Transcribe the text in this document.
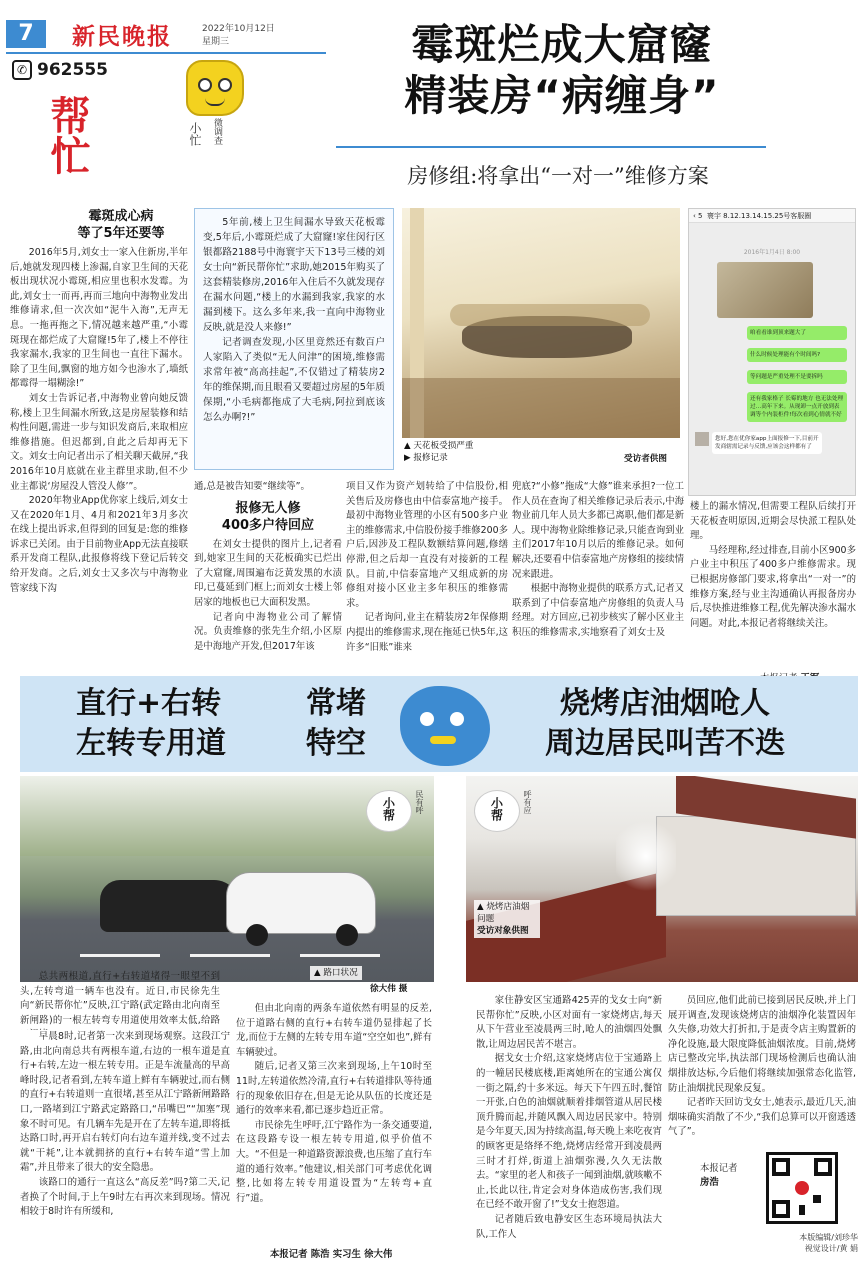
7	新民晚报	2022年10月12日
星期三
✆ 962555
帮忙	小忙	微调查
霉斑烂成大窟窿
精装房“病缠身”
房修组:将拿出“一对一”维修方案
霉斑成心病
等了5年还要等

2016年5月,刘女士一家入住新房,半年后,她就发现四楼上渗漏,自家卫生间的天花板出现状况小霉斑,相应里也积水发霉。为此,刘女士一而再,再而三地向中海物业发出维修请求,但一次次如“泥牛入海”,无声无息。一拖再拖之下,情况越来越严重,“小霉斑现在都烂成了大窟窿!5年了,楼上不停往我家漏水,我家的卫生间也一直往下漏水。除了卫生间,飘窗的地方如今也渗水了,墙纸都霉得一塌糊涂!”

刘女士告诉记者,中海物业曾向她反馈称,楼上卫生间漏水所致,这是房屋装修和结构性问题,需进一步与知识发商后,来取相应维修措施。但迟都到,自此之后却再无下文。刘女士向记者出示了相关聊天截屏,“我2016年10月底就在业主群里求助,但不少业主都说‘房屋没人管没人修’”。

2020年物业App优你家上线后,刘女士又在2020年1月、4月和2021年3月多次在线上提出诉求,但得到的回复是:您的维修诉求已关闭。由于目前物业App无法直接联系开发商工程队,此报修将线下登记后转交给开发商。之后,刘女士又多次与中海物业管家线下沟

5年前,楼上卫生间漏水导致天花板霉变,5年后,小霉斑烂成了大窟窿!家住闵行区银都路2188号中海寰宇天下13号三楼的刘女士向“新民帮你忙”求助,她2015年购买了这套精装修房,2016年入住后不久就发现存在漏水问题,“楼上的水漏到我家,我家的水漏到楼下。这么多年来,我一直向中海物业反映,就是没人来修!”

记者调查发现,小区里竟然还有数百户人家陷入了类似“无人问津”的困境,维修需求常年被“高高挂起”,不仅错过了精装房2年的维保期,而且眼看又要超过房屋的5年质保期,“小毛病都拖成了大毛病,阿拉到底该怎么办啊?!”

▲ 天花板受损严重
▶ 报修记录	受访者供图
‹ 5 寰宇 8.12.13.14.15.25号客服圈
2016年1月4日 8:00
咱看看谁到顶来题大了
什么时候处理能有个时间吗?
等问题是严重处理不是要拆吗
还有我家格子 长霉的地方 也无法处理过…高年下来。从现卸一点开放到表调等个内装柜件!每次看到心情就不好
您好,您在优你家app上面报修一下,目前开发商辖需记录与反馈,应该会这样都有了
通,总是被告知要“继续等”。
报修无人修
400多户待回应

在刘女士提供的图片上,记者看到,她家卫生间的天花板确实已烂出了大窟窿,周围遍布泛黄发黑的水渍印,已蔓延到门框上;而刘女士楼上邻居家的地板也已大面积发黑。

记者向中海物业公司了解情况。负责维修的张先生介绍,小区原是中海地产开发,但2017年该

项目又作为资产划转给了中信股份,相关售后及房修也由中信泰富地产接手。最初中海物业管理的小区有500多户业主的维修需求,中信股份接手维修200多户后,因涉及工程队数额结算问题,修缮停滞,但之后却一直没有对接新的工程队。目前,中信泰富地产又组成新的房修组对接小区业主多年积压的维修需求。

记者询问,业主在精装房2年保修期内提出的维修需求,现在拖延已快5年,这许多“旧账”谁来

兜底?“小修”拖成“大修”谁来承担?一位工作人员在查询了相关维修记录后表示,中海物业前几年人员大多都已离职,他们都是新人。现中海物业除维修记录,只能查询到业主们2017年10月以后的维修记录。如何解决,还要看中信泰富地产房修组的接续情况来跟进。

根据中海物业提供的联系方式,记者又联系到了中信泰富地产房修组的负责人马经理。对方回应,已初步核实了解小区业主积压的维修需求,实地察看了刘女士及

楼上的漏水情况,但需要工程队后续打开天花板查明原因,近期会尽快派工程队处理。

马经理称,经过排查,目前小区900多户业主中积压了400多户维修需求。现已根据房修部门要求,将拿出“一对一”的维修方案,经与业主沟通确认再报备房办后,尽快推进维修工程,优先解决渗水漏水问题。对此,本报记者将继续关注。

直行+右转	常堵
左转专用道	特空
烧烤店油烟呛人
周边居民叫苦不迭
小帮	民有呼
▲ 路口状况
徐大伟 摄
总共两根道,直行+右转道堵得一眼望不到头,左转弯道一辆车也没有。近日,市民徐先生向“新民帮你忙”反映,江宁路(武定路由北向南至新闸路)的一根左转弯专用道使用效率太低,给路

早晨8时,记者第一次来到现场观察。这段江宁路,由北向南总共有两根车道,右边的一根车道是直行+右转,左边一根左转专用。正是车流量高的早高峰时段,记者看到,左转车道上鲜有车辆驶过,而右侧的直行+右转道则一直很堵,甚至从江宁路新闸路路口,一路堵到江宁路武定路路口,“吊嘴巴”“加塞”现象不时可见。有几辆车先是开在了左转车道,即将抵达路口时,再开启右转灯向右边车道并线,变不过去就“干耗”,让本就拥挤的直行+右转车道“雪上加霜”,并且带来了很大的安全隐患。

该路口的通行一直这么“高反差”吗?第二天,记者换了个时间,于上午9时左右再次来到现场。情况相较于8时许有所缓和,

但由北向南的两条车道依然有明显的反差,位于道路右侧的直行+右转车道仍显排起了长龙,而位于左侧的左转专用车道“空空如也”,鲜有车辆驶过。

随后,记者又第三次来到现场,上午10时至11时,左转道依然冷清,直行+右转道排队等待通行的现象依旧存在,但是无论从队伍的长度还是通行的效率来看,都已逐步趋近正常。

市民徐先生呼吁,江宁路作为一条交通要道,在这段路专设一根左转专用道,似乎价值不大。“不但是一种道路资源浪费,也压缩了直行车道的通行效率。”他建议,相关部门可考虑优化调整,比如将左转专用道设置为“左转弯+直行”道。

本报记者 陈浩 实习生 徐大伟
小帮	呼有应
▲ 烧烤店油烟问题
受访对象供图

家住静安区宝通路425弄的戈女士向“新民帮你忙”反映,小区对面有一家烧烤店,每天从下午营业至凌晨两三时,呛人的油烟四处飘散,让周边居民苦不堪言。

据戈女士介绍,这家烧烤店位于宝通路上的一幢居民楼底楼,距离她所在的宝通公寓仅一街之隔,约十多米远。每天下午四五时,餐馆一开张,白色的油烟就顺着排烟管道从居民楼顶升腾而起,并随风飘入周边居民家中。特别是今年夏天,因为持续高温,每天晚上来吃夜宵的顾客更是络绎不绝,烧烤店经常开到凌晨两三时才打烊,街道上油烟弥漫,久久无法散去。“家里的老人和孩子一闻到油烟,就咳嗽不止,长此以往,肯定会对身体造成伤害,我们现在已经不敢开窗了!”戈女士抱怨道。

记者随后致电静安区生态环境局执法大队,工作人

员回应,他们此前已接到居民反映,并上门展开调查,发现该烧烤店的油烟净化装置因年久失修,功效大打折扣,于是责令店主购置新的净化设施,最大限度降低油烟浓度。目前,烧烤店已整改完毕,执法部门现场检测后也确认油烟排放达标,今后他们将继续加强常态化监管,防止油烟扰民现象反复。

记者昨天回访戈女士,她表示,最近几天,油烟味确实消散了不少,“我们总算可以开窗透透气了”。

本报记者
房浩
本版编辑/刘珍华
视觉设计/黄 娟
